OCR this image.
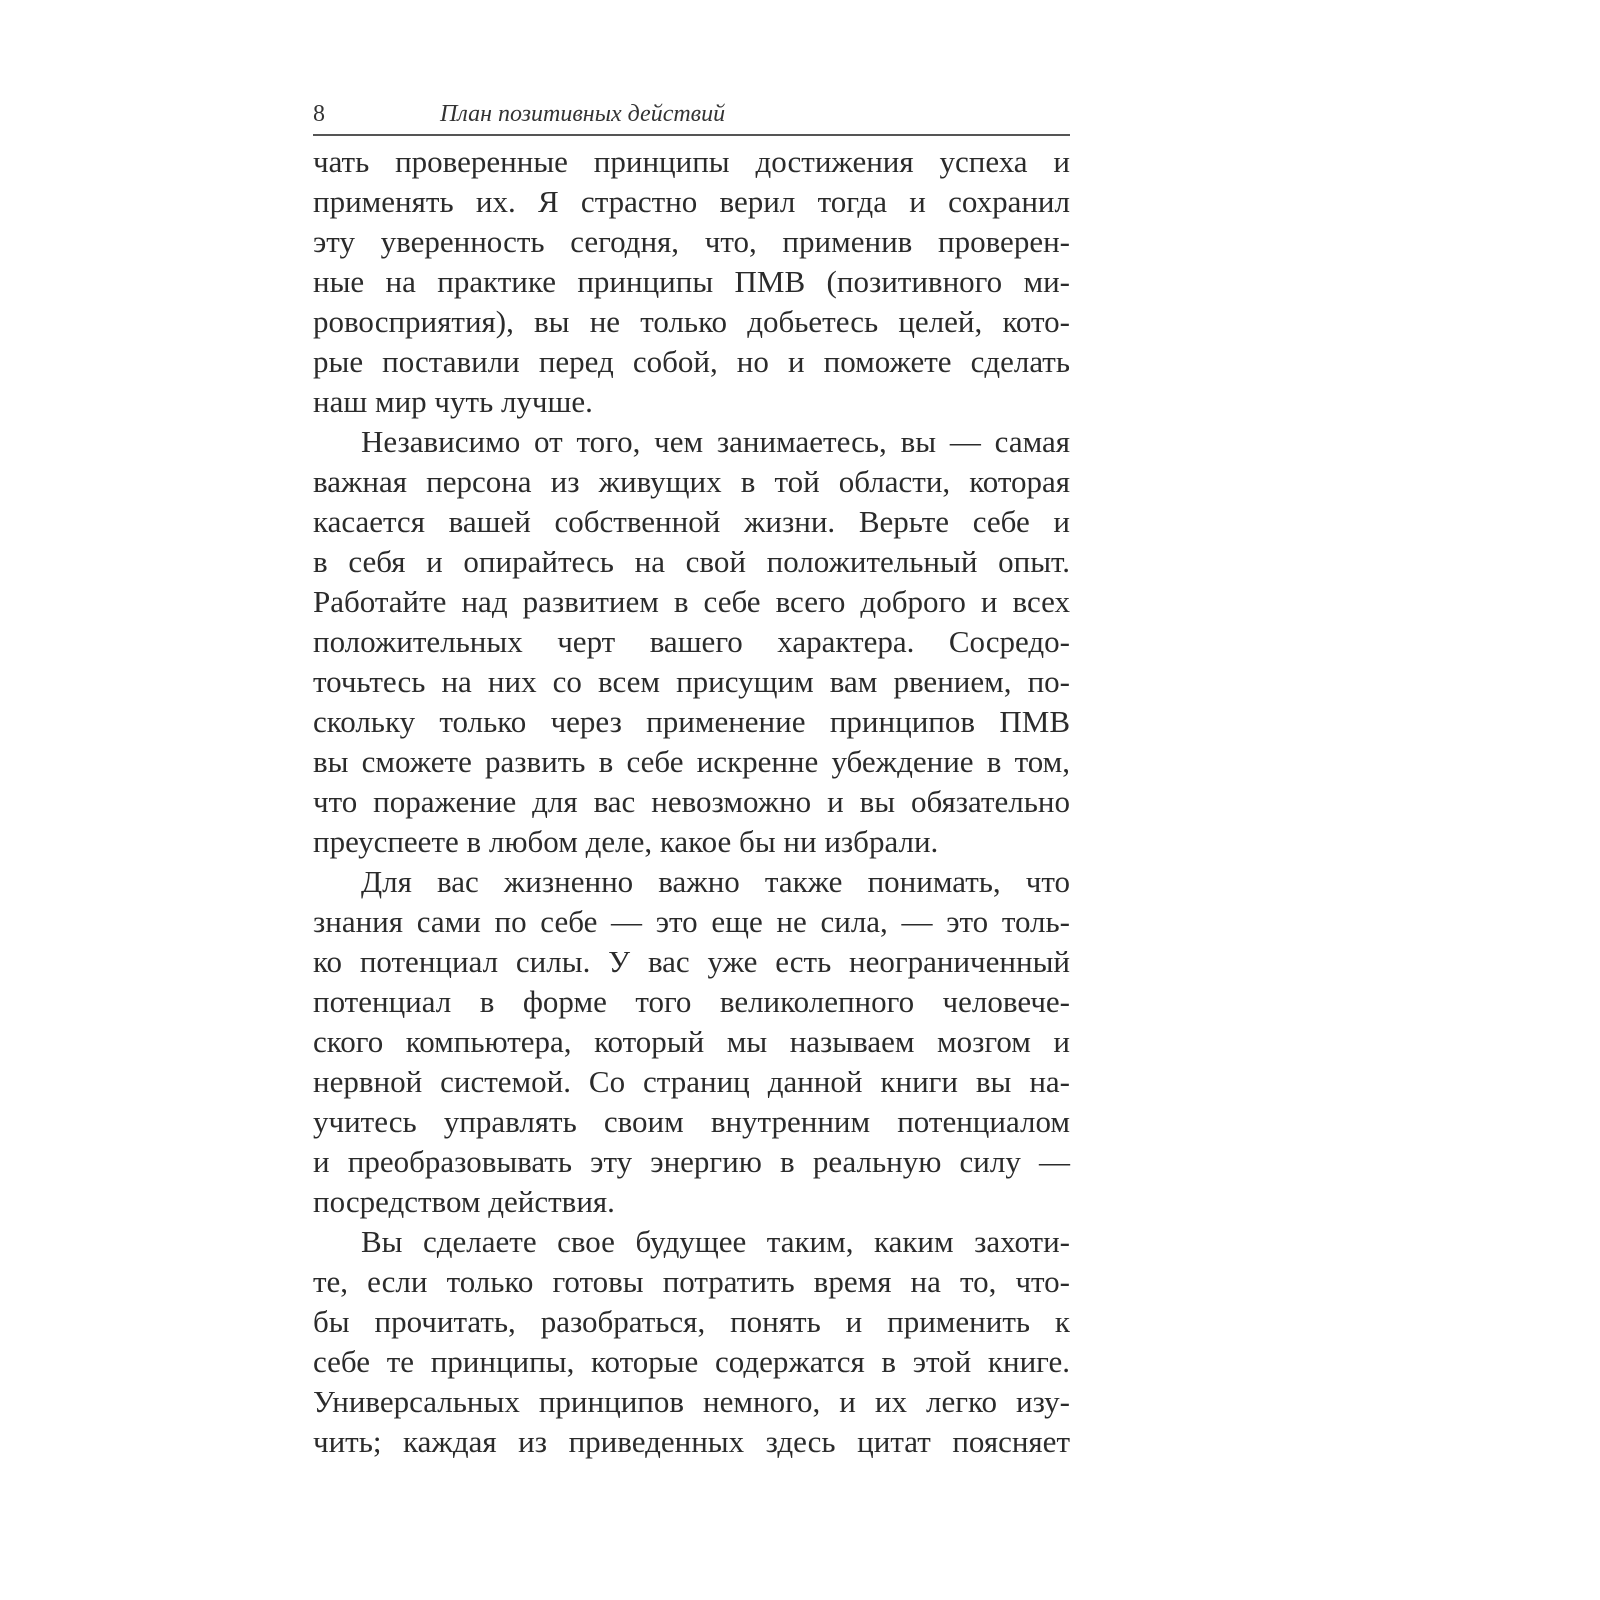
8	План позитивных действий
чать проверенные принципы достижения успеха и
применять их. Я страстно верил тогда и сохранил
эту уверенность сегодня, что, применив проверен-
ные на практике принципы ПМВ (позитивного ми-
ровосприятия), вы не только добьетесь целей, кото-
рые поставили перед собой, но и поможете сделать
наш мир чуть лучше.
Независимо от того, чем занимаетесь, вы — самая
важная персона из живущих в той области, которая
касается вашей собственной жизни. Верьте себе и
в себя и опирайтесь на свой положительный опыт.
Работайте над развитием в себе всего доброго и всех
положительных черт вашего характера. Сосредо-
точьтесь на них со всем присущим вам рвением, по-
скольку только через применение принципов ПМВ
вы сможете развить в себе искренне убеждение в том,
что поражение для вас невозможно и вы обязательно
преуспеете в любом деле, какое бы ни избрали.
Для вас жизненно важно также понимать, что
знания сами по себе — это еще не сила, — это толь-
ко потенциал силы. У вас уже есть неограниченный
потенциал в форме того великолепного человече-
ского компьютера, который мы называем мозгом и
нервной системой. Со страниц данной книги вы на-
учитесь управлять своим внутренним потенциалом
и преобразовывать эту энергию в реальную силу —
посредством действия.
Вы сделаете свое будущее таким, каким захоти-
те, если только готовы потратить время на то, что-
бы прочитать, разобраться, понять и применить к
себе те принципы, которые содержатся в этой книге.
Универсальных принципов немного, и их легко изу-
чить; каждая из приведенных здесь цитат поясняет
